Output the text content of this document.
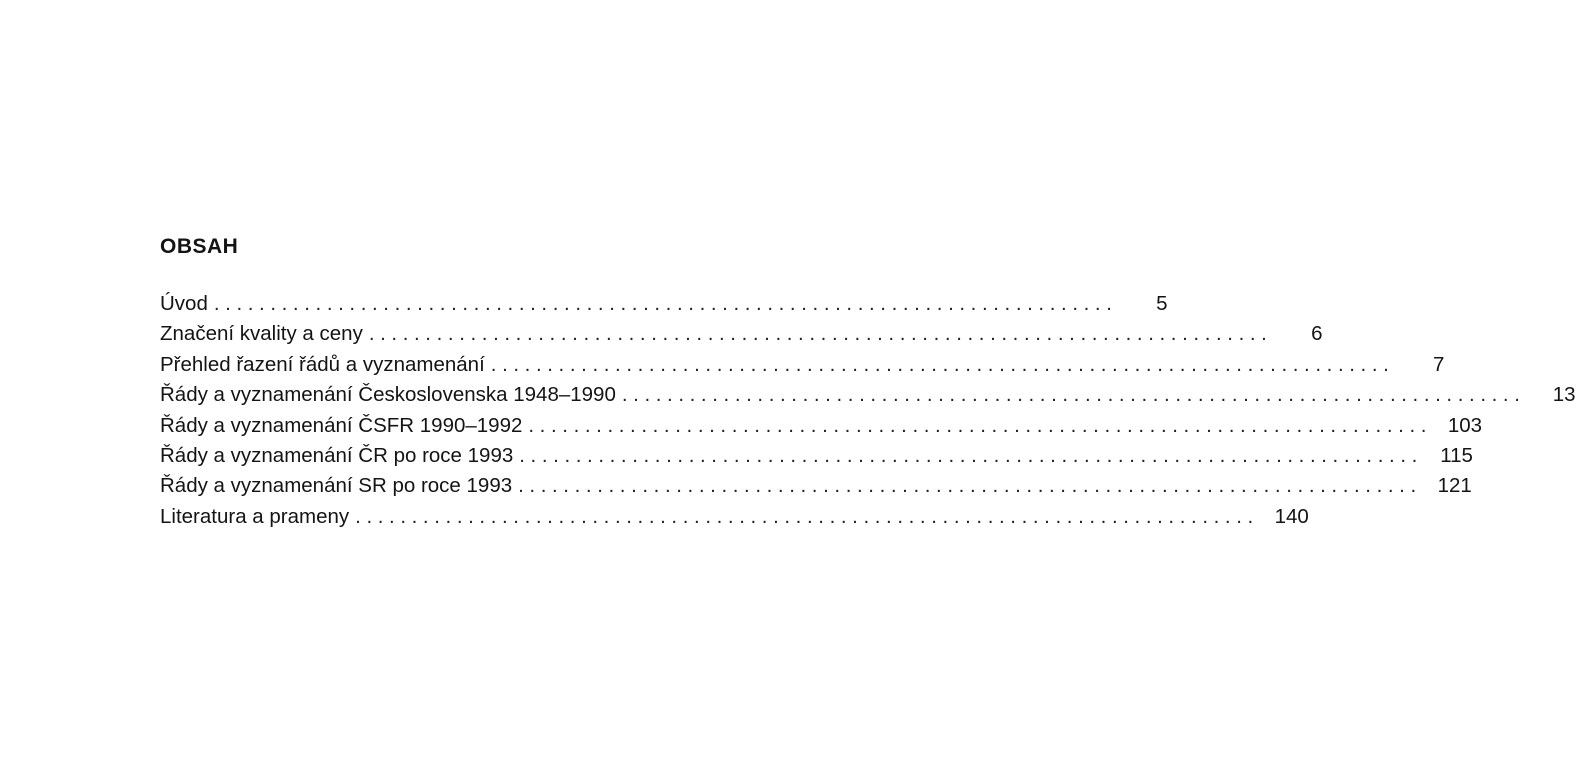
OBSAH
Úvod ................................................................................	5
Značení kvality a ceny ................................................................................	6
Přehled řazení řádů a vyznamenání ................................................................................	7
Řády a vyznamenání Československa 1948–1990 ................................................................................	13
Řády a vyznamenání ČSFR 1990–1992 ................................................................................ 103
Řády a vyznamenání ČR po roce 1993 ................................................................................ 115
Řády a vyznamenání SR po roce 1993 ................................................................................ 121
Literatura a prameny ................................................................................ 140
